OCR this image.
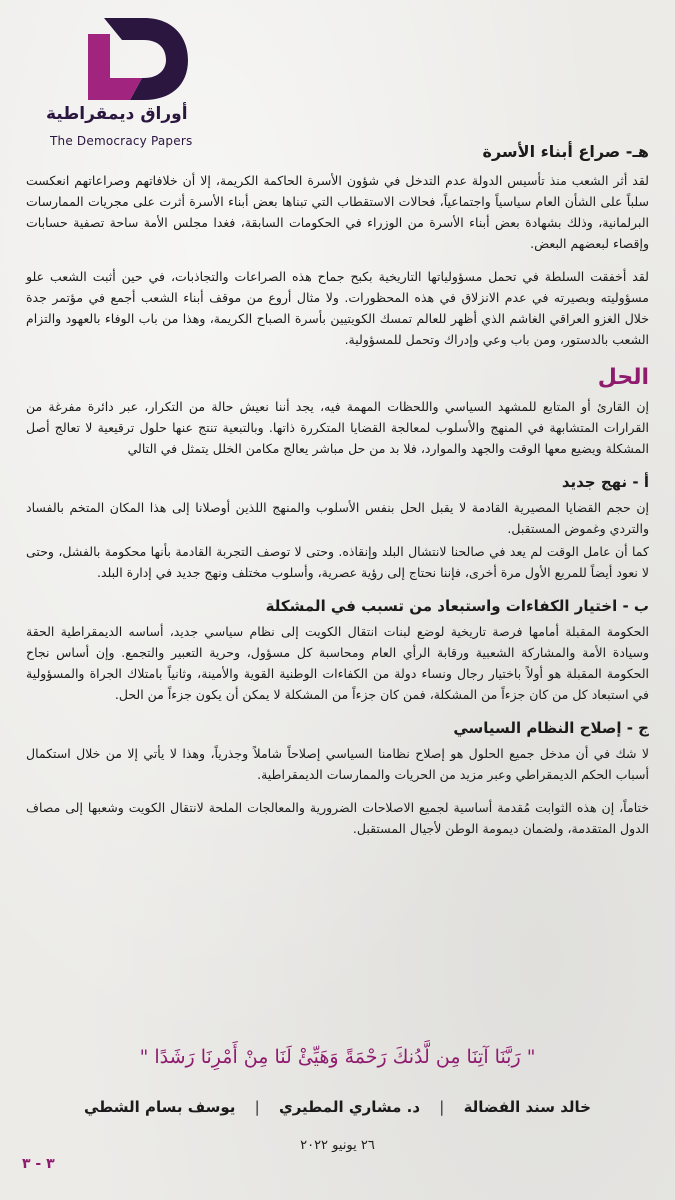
أوراق ديمقراطية
The Democracy Papers
هـ- صراع أبناء الأسرة

لقد أثر الشعب منذ تأسيس الدولة عدم التدخل في شؤون الأسرة الحاكمة الكريمة، إلا أن خلافاتهم وصراعاتهم انعكست سلباً على الشأن العام سياسياً واجتماعياً، فحالات الاستقطاب التي تبناها بعض أبناء الأسرة أثرت على مجريات الممارسات البرلمانية، وذلك بشهادة بعض أبناء الأسرة من الوزراء في الحكومات السابقة، فغدا مجلس الأمة ساحة تصفية حسابات وإقصاء لبعضهم البعض.

لقد أخفقت السلطة في تحمل مسؤولياتها التاريخية بكبح جماح هذه الصراعات والتجاذبات، في حين أثبت الشعب علو مسؤوليته وبصيرته في عدم الانزلاق في هذه المحظورات. ولا مثال أروع من موقف أبناء الشعب أجمع في مؤتمر جدة خلال الغزو العراقي الغاشم الذي أظهر للعالم تمسك الكويتيين بأسرة الصباح الكريمة، وهذا من باب الوفاء بالعهود والتزام الشعب بالدستور، ومن باب وعي وإدراك وتحمل للمسؤولية.

الحل

إن القارئ أو المتابع للمشهد السياسي واللحظات المهمة فيه، يجد أننا نعيش حالة من التكرار، عبر دائرة مفرغة من القرارات المتشابهة في المنهج والأسلوب لمعالجة القضايا المتكررة ذاتها. وبالتبعية تنتج عنها حلول ترقيعية لا تعالج أصل المشكلة ويضيع معها الوقت والجهد والموارد، فلا بد من حل مباشر يعالج مكامن الخلل يتمثل في التالي

أ - نهج جديد

إن حجم القضايا المصيرية القادمة لا يقبل الحل بنفس الأسلوب والمنهج اللذين أوصلانا إلى هذا المكان المتخم بالفساد والتردي وغموض المستقبل.

كما أن عامل الوقت لم يعد في صالحنا لانتشال البلد وإنقاذه. وحتى لا توصف التجربة القادمة بأنها محكومة بالفشل، وحتى لا نعود أيضاً للمربع الأول مرة أخرى، فإننا نحتاج إلى رؤية عصرية، وأسلوب مختلف ونهج جديد في إدارة البلد.

ب - اختيار الكفاءات واستبعاد من تسبب في المشكلة

الحكومة المقبلة أمامها فرصة تاريخية لوضع لبنات انتقال الكويت إلى نظام سياسي جديد، أساسه الديمقراطية الحقة وسيادة الأمة والمشاركة الشعبية ورقابة الرأي العام ومحاسبة كل مسؤول، وحرية التعبير والتجمع. وإن أساس نجاح الحكومة المقبلة هو أولاً باختيار رجال ونساء دولة من الكفاءات الوطنية القوية والأمينة، وثانياً بامتلاك الجراة والمسؤولية في استبعاد كل من كان جزءاً من المشكلة، فمن كان جزءاً من المشكلة لا يمكن أن يكون جزءاً من الحل.

ج - إصلاح النظام السياسي

لا شك في أن مدخل جميع الحلول هو إصلاح نظامنا السياسي إصلاحاً شاملاً وجذرياً، وهذا لا يأتي إلا من خلال استكمال أسباب الحكم الديمقراطي وعبر مزيد من الحريات والممارسات الديمقراطية.

ختاماً، إن هذه الثوابت مُقدمة أساسية لجميع الاصلاحات الضرورية والمعالجات الملحة لانتقال الكويت وشعبها إلى مصاف الدول المتقدمة، ولضمان ديمومة الوطن لأجيال المستقبل.

" رَبَّنَا آتِنَا مِن لَّدُنكَ رَحْمَةً وَهَيِّئْ لَنَا مِنْ أَمْرِنَا رَشَدًا "
خالد سند الفضالة | د. مشاري المطيري | يوسف بسام الشطي
٢٦ يونيو ٢٠٢٢
٣ - ٣
